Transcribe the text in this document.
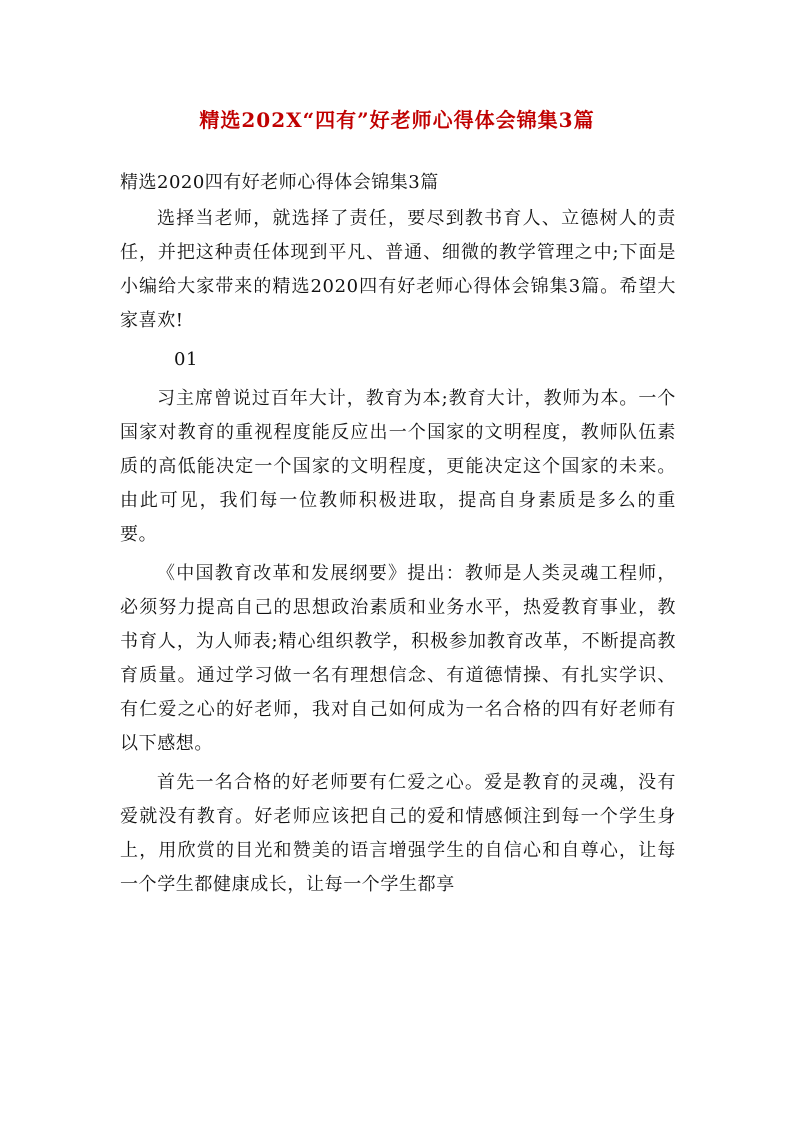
精选202X“四有”好老师心得体会锦集3篇
精选2020四有好老师心得体会锦集3篇

选择当老师，就选择了责任，要尽到教书育人、立德树人的责任，并把这种责任体现到平凡、普通、细微的教学管理之中;下面是小编给大家带来的精选2020四有好老师心得体会锦集3篇。希望大家喜欢!

01

习主席曾说过百年大计，教育为本;教育大计，教师为本。一个国家对教育的重视程度能反应出一个国家的文明程度，教师队伍素质的高低能决定一个国家的文明程度，更能决定这个国家的未来。由此可见，我们每一位教师积极进取，提高自身素质是多么的重要。

《中国教育改革和发展纲要》提出：教师是人类灵魂工程师，必须努力提高自己的思想政治素质和业务水平，热爱教育事业，教书育人，为人师表;精心组织教学，积极参加教育改革，不断提高教育质量。通过学习做一名有理想信念、有道德情操、有扎实学识、有仁爱之心的好老师，我对自己如何成为一名合格的四有好老师有以下感想。

首先一名合格的好老师要有仁爱之心。爱是教育的灵魂，没有爱就没有教育。好老师应该把自己的爱和情感倾注到每一个学生身上，用欣赏的目光和赞美的语言增强学生的自信心和自尊心，让每一个学生都健康成长，让每一个学生都享
